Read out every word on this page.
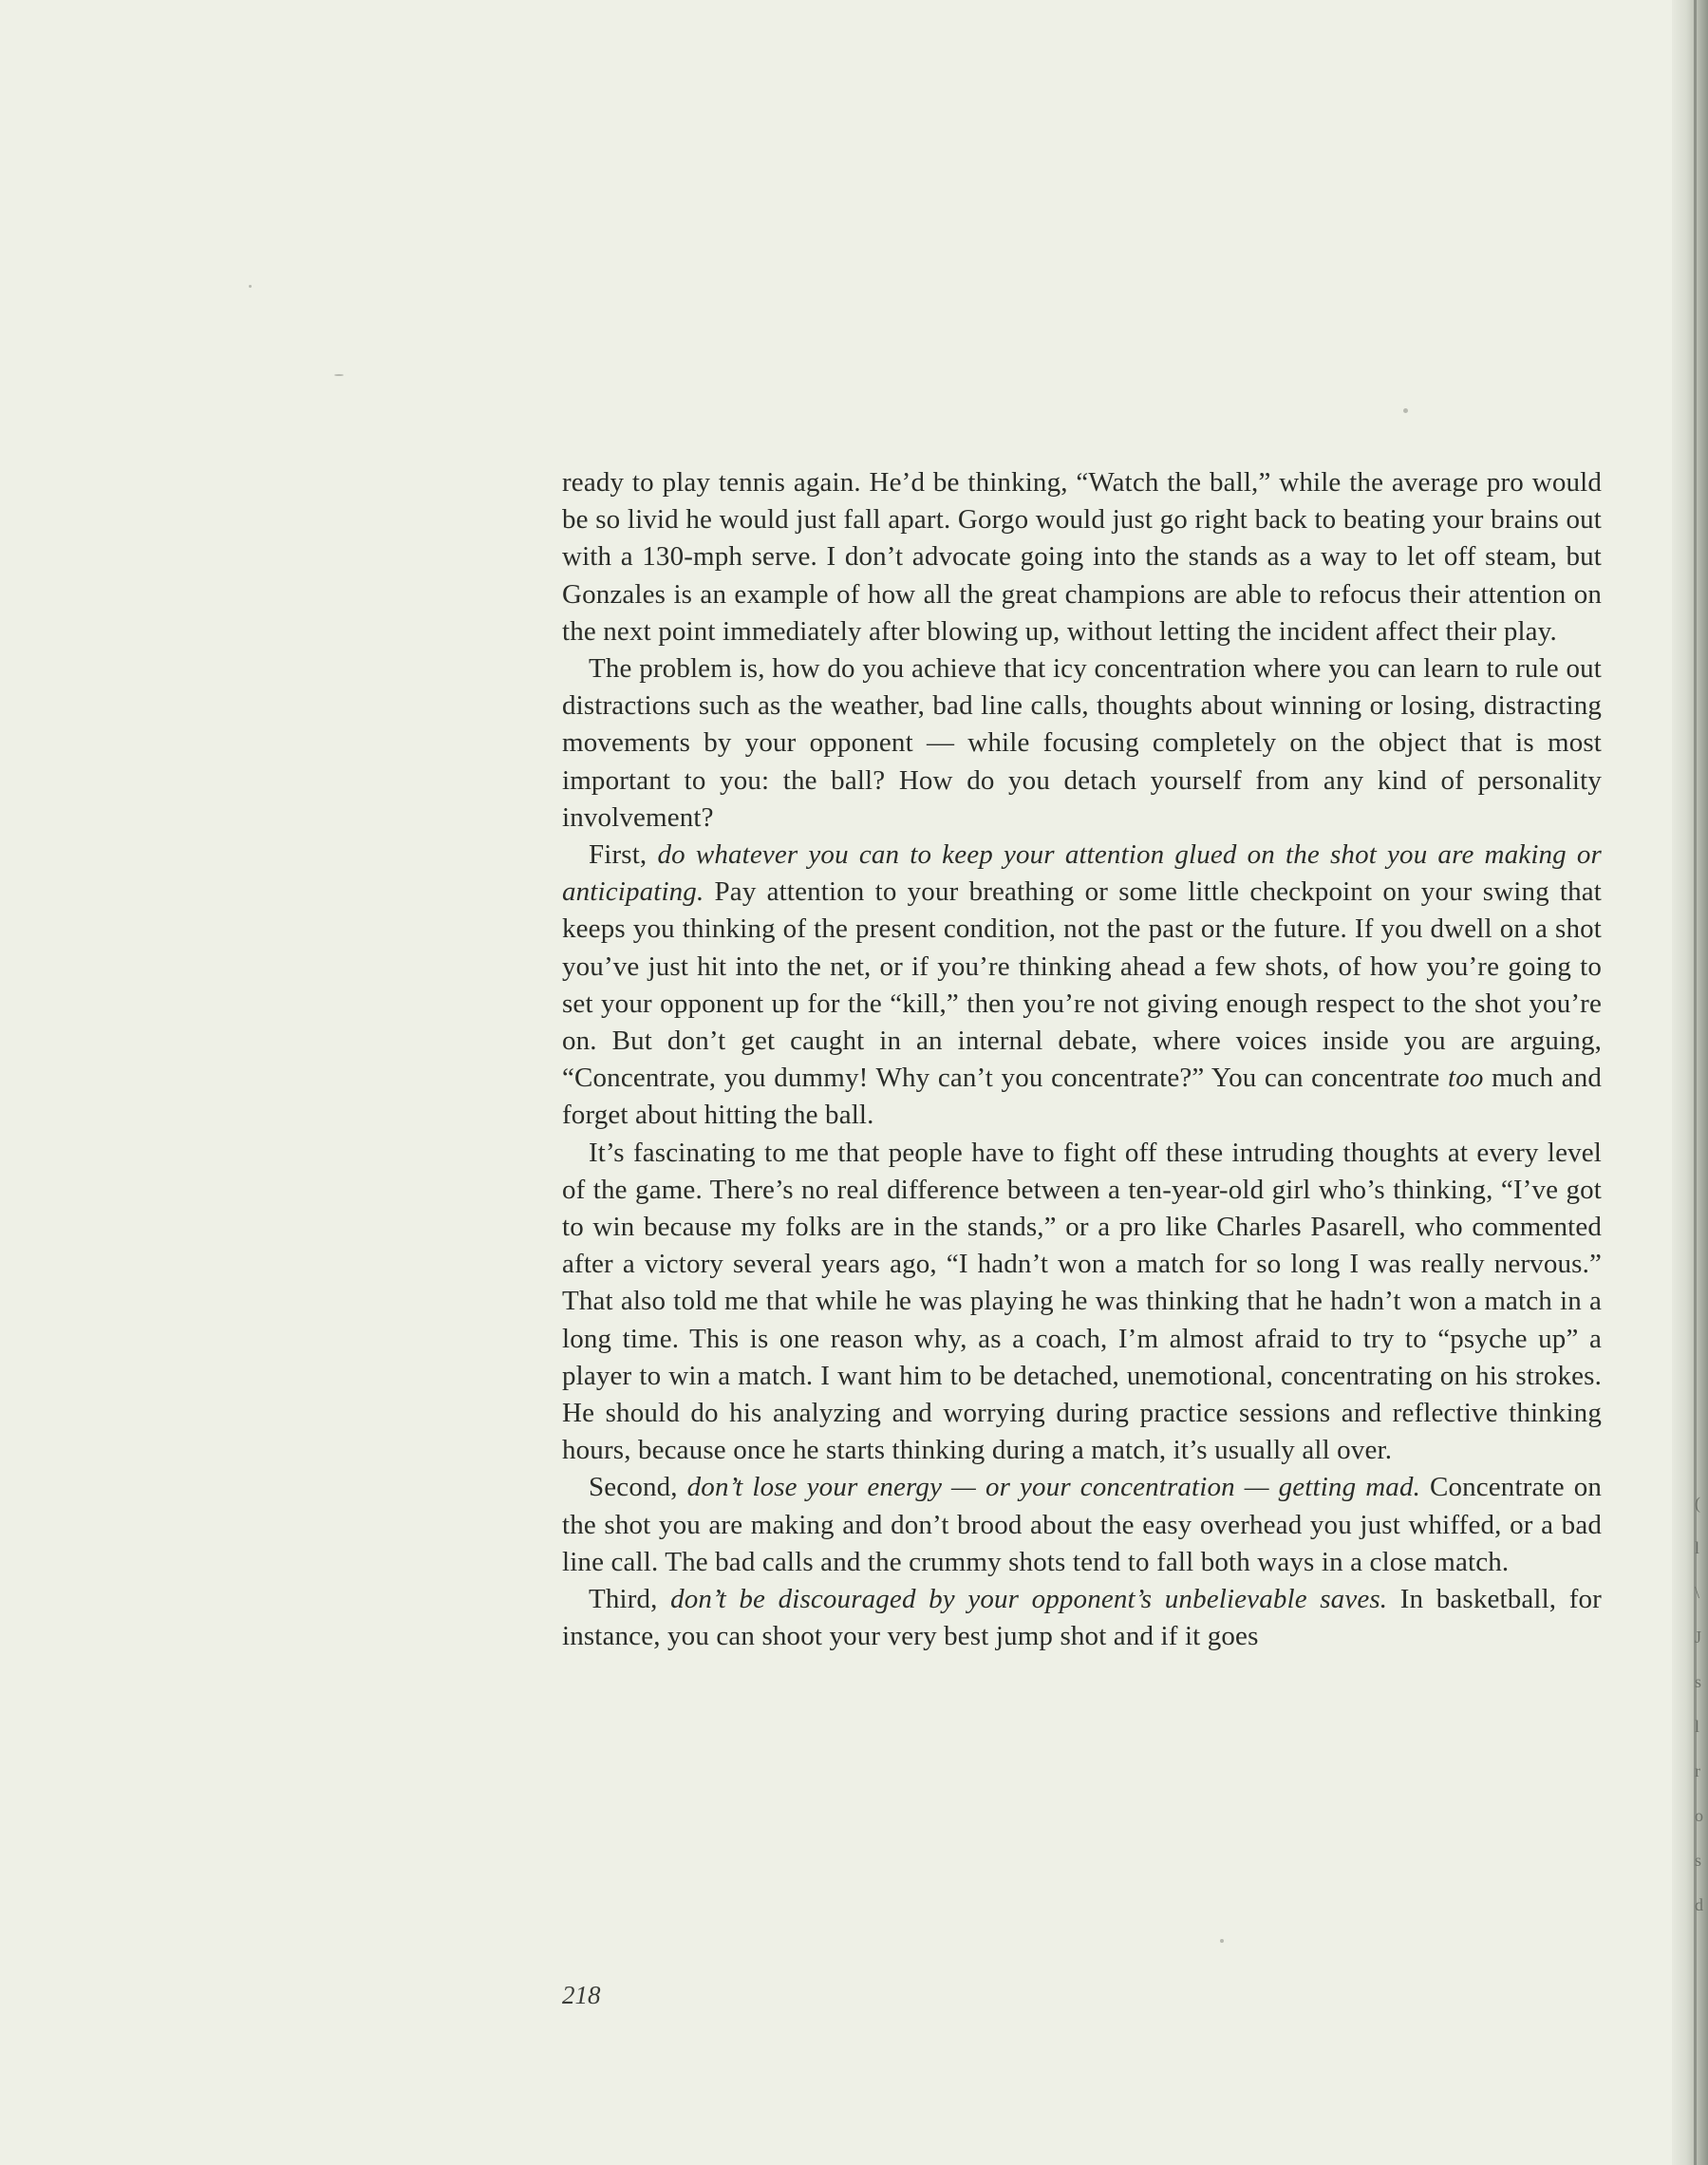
ready to play tennis again. He’d be thinking, “Watch the ball,” while the average pro would be so livid he would just fall apart. Gorgo would just go right back to beating your brains out with a 130-mph serve. I don’t advocate going into the stands as a way to let off steam, but Gonzales is an example of how all the great champions are able to refocus their attention on the next point immediately after blowing up, without letting the incident affect their play.

The problem is, how do you achieve that icy concentration where you can learn to rule out distractions such as the weather, bad line calls, thoughts about winning or losing, distracting movements by your opponent — while focusing completely on the object that is most important to you: the ball? How do you detach yourself from any kind of personality involvement?

First, do whatever you can to keep your attention glued on the shot you are making or anticipating. Pay attention to your breathing or some little checkpoint on your swing that keeps you thinking of the present condition, not the past or the future. If you dwell on a shot you’ve just hit into the net, or if you’re thinking ahead a few shots, of how you’re going to set your opponent up for the “kill,” then you’re not giving enough respect to the shot you’re on. But don’t get caught in an internal debate, where voices inside you are arguing, “Concentrate, you dummy! Why can’t you concentrate?” You can concentrate too much and forget about hitting the ball.

It’s fascinating to me that people have to fight off these intruding thoughts at every level of the game. There’s no real difference between a ten-year-old girl who’s thinking, “I’ve got to win because my folks are in the stands,” or a pro like Charles Pasarell, who commented after a victory several years ago, “I hadn’t won a match for so long I was really nervous.” That also told me that while he was playing he was thinking that he hadn’t won a match in a long time. This is one reason why, as a coach, I’m almost afraid to try to “psyche up” a player to win a match. I want him to be detached, unemotional, concentrating on his strokes. He should do his analyzing and worrying during practice sessions and reflective thinking hours, because once he starts thinking during a match, it’s usually all over.

Second, don’t lose your energy — or your concentration — getting mad. Concentrate on the shot you are making and don’t brood about the easy overhead you just whiffed, or a bad line call. The bad calls and the crummy shots tend to fall both ways in a close match.

Third, don’t be discouraged by your opponent’s unbelievable saves. In basketball, for instance, you can shoot your very best jump shot and if it goes

218
(
l
\
J
s
l
r
o
s
d
